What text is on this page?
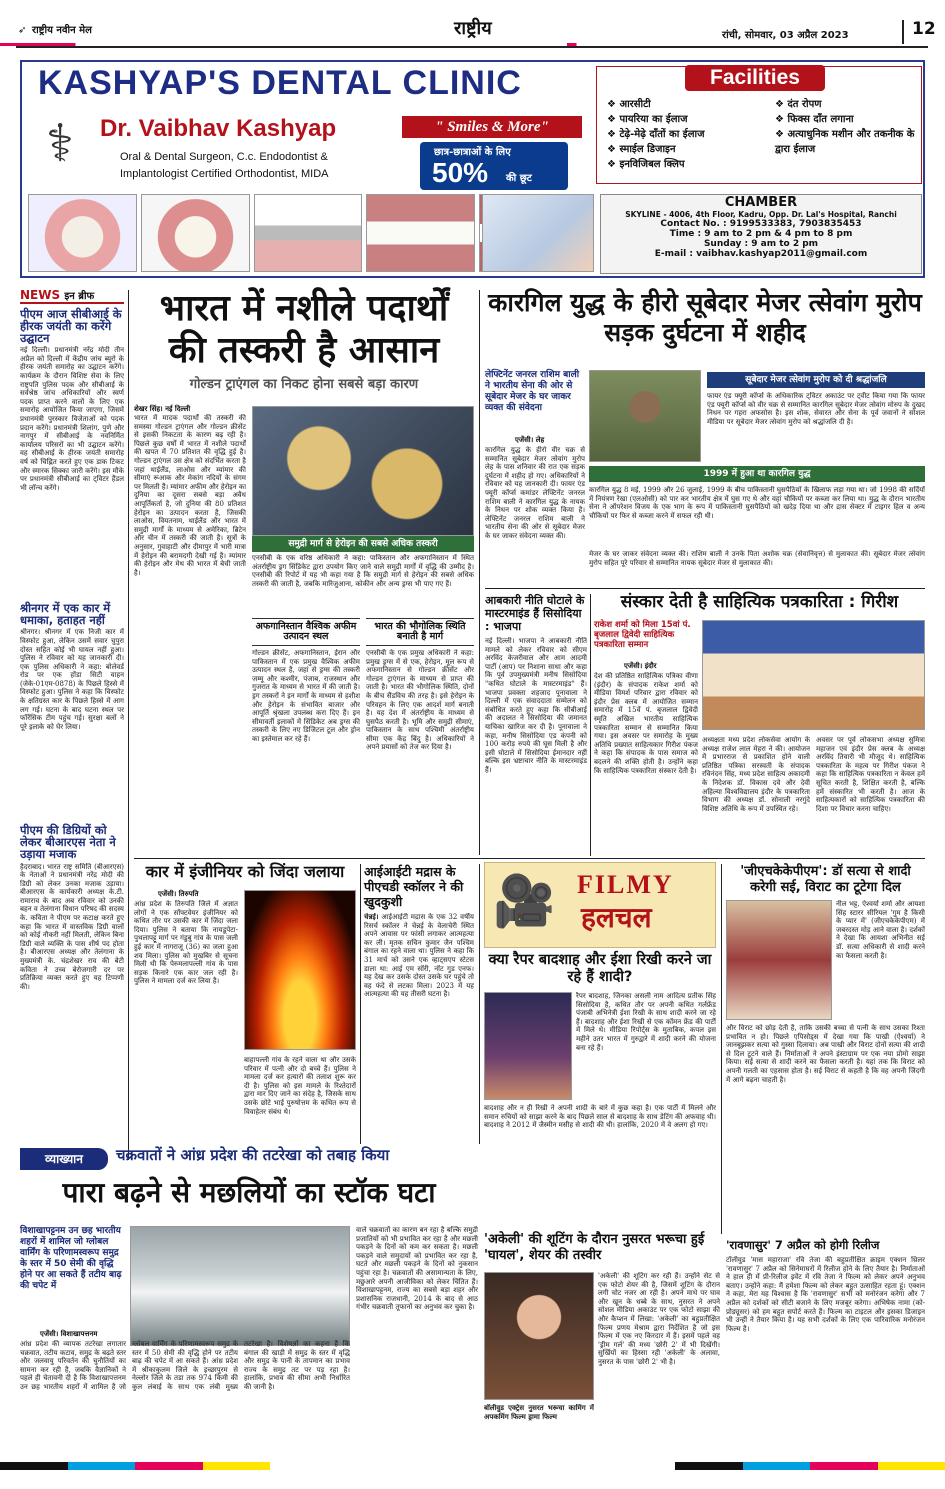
➶ राष्ट्रीय नवीन मेल	राष्ट्रीय	रांची, सोमवार, 03 अप्रैल 2023	12
KASHYAP'S DENTAL CLINIC
⚕	Dr. Vaibhav Kashyap	" Smiles & More"
Oral & Dental Surgeon, C.c. Endodontist &
Implantologist Certified Orthodontist, MIDA
छात्र-छात्राओं के लिए
50% की छूट
Facilities
❖ आरसीटी
❖ पायरिया का ईलाज
❖ टेढ़े-मेढ़े दाँतों का ईलाज
❖ स्माईल डिजाइन
❖ इनविजिबल क्लिप
❖ दंत रोपण
❖ फिक्स दाँत लगाना
❖ अत्याधुनिक मशीन और तकनीक के द्वारा ईलाज
CHAMBER
SKYLINE - 4006, 4th Floor, Kadru, Opp. Dr. Lal's Hospital, Ranchi
Contact No. : 9199533383, 7903835453
Time : 9 am to 2 pm & 4 pm to 8 pm
Sunday : 9 am to 2 pm
E-mail : vaibhav.kashyap2011@gmail.com
NEWS इन ब्रीफ
पीएम आज सीबीआई के हीरक जयंती का करेंगे उद्घाटन
नई दिल्ली। प्रधानमंत्री नरेंद्र मोदी तीन अप्रैल को दिल्ली में केंद्रीय जांच ब्यूरो के हीरक जयंती समारोह का उद्घाटन करेंगे। कार्यक्रम के दौरान विशिष्ट सेवा के लिए राष्ट्रपति पुलिस पदक और सीबीआई के सर्वश्रेष्ठ जांच अधिकारियों और स्वर्ण पदक प्राप्त करने वालों के लिए एक समारोह आयोजित किया जाएगा, जिसमें प्रधानमंत्री पुरस्कार विजेताओं को पदक प्रदान करेंगे। प्रधानमंत्री शिलांग, पुणे और नागपुर में सीबीआई के नवनिर्मित कार्यालय परिसरों का भी उद्घाटन करेंगे। वह सीबीआई के हीरक जयंती समारोह वर्ष को चिह्नित करते हुए एक डाक टिकट और स्मारक सिक्का जारी करेंगे। इस मौके पर प्रधानमंत्री सीबीआई का ट्विटर हैंडल भी लॉन्च करेंगे।
श्रीनगर में एक कार में धमाका, हताहत नहीं
श्रीनगर। श्रीनगर में एक निजी कार में विस्फोट हुआ, लेकिन उसमें सवार चुपुरा दोस्त सहित कोई भी घायल नहीं हुआ। पुलिस ने रविवार को यह जानकारी दी। एक पुलिस अधिकारी ने कहा: बोलेवर्ड रोड पर एक होंडा सिटी वाहन (जेके-01एम-0878) के पिछले हिस्से में विस्फोट हुआ। पुलिस ने कहा कि विस्फोट के क्षतिग्रस्त कार के पिछले हिस्से में आग लग गई। घटना के बाद घटना स्थल पर फॉरेंसिक टीम पहुंच गई। सुरक्षा बलों ने पूरे इलाके को घेर लिया।
पीएम की डिग्रियों को लेकर बीआरएस नेता ने उड़ाया मजाक
हैदराबाद। भारत राष्ट्र समिति (बीआरएस) के नेताओं ने प्रधानमंत्री नरेंद्र मोदी की डिग्री को लेकर उनका मजाक उड़ाया। बीआरएस के कार्यकारी अध्यक्ष के.टी. रामाराव के बाद अब रविवार को उनकी बहन व तेलंगाना विधान परिषद की सदस्य के. कविता ने पीएम पर कटाक्ष करते हुए कहा कि भारत में वास्तविक डिग्री वालों को कोई नौकरी नहीं मिलती, लेकिन बिना डिग्री वाले व्यक्ति के पास शीर्ष पद होता है। बीआरएस अध्यक्ष और तेलंगाना के मुख्यमंत्री के. चंद्रशेखर राव की बेटी कविता ने उच्च बेरोजगारी दर पर प्रतिक्रिया व्यक्त करते हुए यह टिप्पणी की।
भारत में नशीले पदार्थों की तस्करी है आसान
गोल्डन ट्राएंगल का निकट होना सबसे बड़ा कारण
शेखर सिंह। नई दिल्ली
भारत में मादक पदार्थों की तस्करी की समस्या गोल्डन ट्राएंगल और गोल्डन क्रीसेंट से इसकी निकटता के कारण बढ़ रही है। पिछले कुछ वर्षों में भारत में नशीले पदार्थों की खपत में 70 प्रतिशत की वृद्धि हुई है। गोल्डन ट्राएंगल उस क्षेत्र को संदर्भित करता है जहां थाईलैंड, लाओस और म्यांमार की सीमाएं रूआक और मेकांग नदियों के संगम पर मिलती हैं। म्यांमार अफीम और हेरोइन का दुनिया का दूसरा सबसे बड़ा अवैध आपूर्तिकर्ता है, जो दुनिया की 80 प्रतिशत हेरोइन का उत्पादन करता है, जिसकी लाओस, वियतनाम, थाईलैंड और भारत में समुद्री मार्गों के माध्यम से अमेरिका, ब्रिटेन और चीन में तस्करी की जाती है। सूत्रों के अनुसार, गुवाहाटी और दीमापुर में भारी मात्रा में हेरोइन की बरामदगी देखी गई है। म्यांमार की हेरोइन और मेथ की भारत में बेची जाती है।
समुद्री मार्ग से हेरोइन की सबसे अधिक तस्करी
एनसीबी के एक वरिष्ठ अधिकारी ने कहा: पाकिस्तान और अफगानिस्तान में स्थित अंतर्राष्ट्रीय ड्रग सिंडिकेट द्वारा उपयोग किए जाने वाले समुद्री मार्गों में वृद्धि की उम्मीद है। एनसीबी की रिपोर्ट में यह भी कहा गया है कि समुद्री मार्ग से हेरोइन की सबसे अधिक तस्करी की जाती है, जबकि मारिजुआना, कोकीन और अन्य ड्रग्स भी पाए गए हैं।
अफगानिस्तान वैश्विक अफीम उत्पादन स्थल
गोल्डन क्रीसेंट, अफगानिस्तान, ईरान और पाकिस्तान में एक प्रमुख वैश्विक अफीम उत्पादन स्थल है, जहां से ड्रग्स की तस्करी जम्मू और कश्मीर, पंजाब, राजस्थान और गुजरात के माध्यम से भारत में की जाती है। ड्रग तस्करों ने इन मार्गों के माध्यम से हशीश और हेरोइन के संभावित बाजार और आपूर्ति श्रृंखला उपलब्ध करा दिए हैं। इन सीमावर्ती इलाकों में सिंडिकेट अब ड्रग्स की तस्करी के लिए नए डिजिटल टूल और ड्रोन का इस्तेमाल कर रहे हैं।
भारत की भौगोलिक स्थिति बनाती है मार्ग
एनसीबी के एक प्रमुख अधिकारी ने कहा: प्रमुख ड्रग्स में से एक, हेरोइन, मूल रूप से अफगानिस्तान से गोल्डन क्रीसेंट और गोल्डन ट्राएंगल के माध्यम से प्राप्त की जाती है। भारत की भौगोलिक स्थिति, दोनों के बीच सैंडविच की तरह है। इसे हेरोइन के परिवहन के लिए एक आदर्श मार्ग बनाती है। यह देश में अंतर्राष्ट्रीय के माध्यम से घुसपैठ करती है। भूमि और समुद्री सीमाएं, पाकिस्तान के साथ पश्चिमी अंतर्राष्ट्रीय सीमा एक केंद्र बिंदु है। अधिकारियों ने अपने प्रयासों को तेज कर दिया है।
कारगिल युद्ध के हीरो सूबेदार मेजर त्सेवांग मुरोप सड़क दुर्घटना में शहीद
लेफ्टिनेंट जनरल राशिम बाली ने भारतीय सेना की ओर से सूबेदार मेजर के घर जाकर व्यक्त की संवेदना
एजेंसी। लेह
कारगिल युद्ध के हीरो वीर चक्र से सम्मानित सूबेदार मेजर त्सेवांग मुरोप लेह के पास शनिवार की रात एक सड़क दुर्घटना में शहीद हो गए। अधिकारियों ने रविवार को यह जानकारी दी। फायर एंड फ्यूरी कॉर्प्स कमांडर लेफ्टिनेंट जनरल राशिम बाली ने कारगिल युद्ध के नायक के निधन पर शोक व्यक्त किया है। लेफ्टिनेंट जनरल राशिम बाली ने भारतीय सेना की ओर से सूबेदार मेजर के घर जाकर संवेदना व्यक्त की।
सूबेदार मेजर त्सेवांग मुरोप को दी श्रद्धांजलि
फायर एंड फ्यूरी कॉर्प्स के अधिकारिक ट्विटर अकाउंट पर ट्वीट किया गया कि फायर एंड फ्यूरी कॉर्प्स को वीर चक्र से सम्मानित कारगिल सूबेदार मेजर त्सेवांग मोरुप के दुखद निधन पर गहरा अफसोस है। इस शोक, सेवारत और सेना के पूर्व जवानों ने सोशल मीडिया पर सूबेदार मेजर त्सेवांग मुरोप को श्रद्धांजलि दी है।
1999 में हुआ था कारगिल युद्ध
कारगिल युद्ध 8 मई, 1999 और 26 जुलाई, 1999 के बीच पाकिस्तानी घुसपैठियों के खिलाफ लड़ा गया था। जो 1998 की सर्दियों में नियंत्रण रेखा (एलओसी) को पार कर भारतीय क्षेत्र में घुस गए थे और वहां चौकियों पर कब्जा कर लिया था। युद्ध के दौरान भारतीय सेना ने ऑपरेशन विजय के एक भाग के रूप में पाकिस्तानी घुसपैठियों को खदेड़ दिया था और द्रास सेक्टर में टाइगर हिल व अन्य चौकियों पर फिर से कब्जा करने में सफल रही थी।
मेजर के घर जाकर संवेदना व्यक्त की। राशिम बाली ने उनके पिता अशोक चक्र (सेवानिवृत्त) से मुलाकात की। सूबेदार मेजर त्सेवांग मुरोप सहित पूरे परिवार से सम्मानित नायक सूबेदार मेजर से मुलाकात की।
आबकारी नीति घोटाले के मास्टरमाइंड हैं सिसोदिया : भाजपा
नई दिल्ली। भाजपा ने आबकारी नीति मामले को लेकर रविवार को सीएम अरविंद केजरीवाल और आम आदमी पार्टी (आप) पर निशाना साधा और कहा कि पूर्व उपमुख्यमंत्री मनीष सिसोदिया "कथित घोटाले के मास्टरमाइंड" हैं। भाजपा प्रवक्ता शहजाद पूनावाला ने दिल्ली में एक संवाददाता सम्मेलन को संबोधित करते हुए कहा कि सीबीआई की अदालत ने सिसोदिया की जमानत याचिका खारिज कर दी है। पूनावाला ने कहा, मनीष सिसोदिया एड कंपनी को 100 करोड़ रुपये की घूस मिली है और इसी घोटाले में सिसोदिया ईमानदार नहीं बल्कि इस भ्रष्टाचार नीति के मास्टरमाइंड हैं।
संस्कार देती है साहित्यिक पत्रकारिता : गिरीश
राकेश शर्मा को मिला 15वां पं. बृजलाल द्विवेदी साहित्यिक पत्रकारिता सम्मान
एजेंसी। इंदौर
देश की प्रतिष्ठित साहित्यिक पत्रिका वीणा (इंदौर) के संपादक राकेश शर्मा को मीडिया विमर्श परिवार द्वारा रविवार को इंदौर प्रेस क्लब में आयोजित सम्मान समारोह में 15वें पं. बृजलाल द्विवेदी स्मृति अखिल भारतीय साहित्यिक पत्रकारिता सम्मान से सम्मानित किया गया। इस अवसर पर समारोह के मुख्य अतिथि प्रख्यात साहित्यकार गिरीश पंकज ने कहा कि संपादक के पास समाज को बदलने की शक्ति होती है। उन्होंने कहा कि साहित्यिक पत्रकारिता संस्कार देती है।
अध्यक्षता मध्य प्रदेश लोकसेवा आयोग के अध्यक्ष राजेश लाल मेहरा ने की। आयोजन में प्रभारराज से प्रकाशित होने वाली प्रतिष्ठित पत्रिका सरस्वती के संपादक रविनंदन सिंह, मध्य प्रदेश साहित्य अकादमी के निदेशक डॉ. विकास दवे और देवी अहिल्या विश्वविद्यालय इंदौर के पत्रकारिता विभाग की अध्यक्ष डॉ. सोनाली नरगुंदे विशिष्ट अतिथि के रूप में उपस्थित रहे।
अवसर पर पूर्व लोकसभा अध्यक्ष सुमित्रा महाजन एवं इंदौर प्रेस क्लब के अध्यक्ष अरविंद तिवारी भी मौजूद थे। साहित्यिक पत्रकारिता के महत्व पर गिरीश पंकज ने कहा कि साहित्यिक पत्रकारिता न केवल हमें सूचित करती है, शिक्षित करती है, बल्कि हमें संस्कारित भी करती है। आज के साहित्यकारों को साहित्यिक पत्रकारिता की दिशा पर विचार करना चाहिए।
कार में इंजीनियर को जिंदा जलाया
एजेंसी। तिरुपति
आंध्र प्रदेश के तिरुपति जिले में अज्ञात लोगों ने एक सॉफ्टवेयर इंजीनियर को कथित तौर पर उसकी कार में जिंदा जला दिया। पुलिस ने बताया कि नायडूपेटा-पुथलापट्टू मार्ग पर गंडुबु गांव के पास जली हुई कार में नागराजू (36) का जला हुआ शव मिला। पुलिस को मुखबिर से सूचना मिली थी कि पेरुमलापल्ली गांव के पास सड़क किनारे एक कार जल रही है। पुलिस ने मामला दर्ज कर लिया है।
बाहापल्ली गांव के रहने वाला था और उसके परिवार में पत्नी और दो बच्चे हैं। पुलिस ने मामला दर्ज कर हत्यारों की तलाश शुरू कर दी है। पुलिस को इस मामले के रिश्तेदारों द्वारा मार दिए जाने का संदेह है, जिसके साथ उसके छोटे भाई पुरुषोत्तम के कथित रूप से विवाहेतर संबंध थे।
आईआईटी मद्रास के पीएचडी स्कॉलर ने की खुदकुशी
चेन्नई। आईआईटी मद्रास के एक 32 वर्षीय रिसर्च स्कॉलर ने चेन्नई के वेलाचेरी स्थित अपने आवास पर फांसी लगाकर आत्महत्या कर ली। मृतक सचिन कुमार जैन पश्चिम बंगाल का रहने वाला था। पुलिस ने कहा कि 31 मार्च को उसने एक व्हाट्सएप स्टेटस डाला था: आई एम सॉरी, नॉट गुड एनफ। यह देख कर उसके दोस्त उसके घर पहुंचे तो वह फंदे से लटका मिला। 2023 में यह आत्महत्या की यह तीसरी घटना है।
🎥 FILMY
हलचल
क्या रैपर बादशाह और ईशा रिखी करने जा रहे हैं शादी?
रैपर बादशाह, जिनका असली नाम आदित्य प्रतीक सिंह सिसोदिया है, कथित तौर पर अपनी कथित गर्लफ्रेंड पंजाबी अभिनेत्री ईशा रिखी के साथ शादी करने जा रहे हैं। बादशाह और ईशा रिखी से एक कॉमन फ्रेंड की पार्टी में मिले थे। मीडिया रिपोर्ट्स के मुताबिक, कपल इस महीने उतर भारत में गुरुद्वारे में शादी करने की योजना बना रहे हैं।
बादशाह और न ही रिखी ने अपनी शादी के बारे में कुछ कहा है। एक पार्टी में मिलने और समान रुचियों को साझा करने के बाद पिछले साल से बादशाह के साथ डेटिंग की अफवाह थी। बादशाह ने 2012 में जैस्मीन मसीह से शादी की थी। हालांकि, 2020 में वे अलग हो गए।
'जीएचकेकेपीएम': डॉ सत्या से शादी करेगी सई, विराट का टूटेगा दिल
नील भट्ट, ऐश्वर्या शर्मा और आयशा सिंह स्टारर सीरियल 'गुम है किसी के प्यार में' (जीएचकेकेपीएम) में जबरदस्त मोड़ आने वाला है। दर्शकों ने देखा कि आयशा अभिनीत सई डॉ. सत्या अधिकारी से शादी करने का फैसला करती है।
और विराट को छोड़ देती है, ताकि उसकी बच्चा से पत्नी के साथ उसका रिश्ता प्रभावित न हो। पिछले एपिसोड्स में देखा गया कि पाखी (ऐश्वर्या) ने जानबूझकर सत्या को गुस्सा दिलाया। अब पाखी और विराट दोनों सत्या की शादी से दिल टूटने वाले हैं। निर्माताओं ने अपने इंस्टाग्राम पर एक नया प्रोमो साझा किया। सई सत्या से शादी करने का फैसला करती है। यहां तक कि विराट को अपनी गलती का एहसास होता है। सई विराट से कहती है कि वह अपनी जिंदगी में आगे बढ़ना चाहती है।
व्याख्यान	चक्रवातों ने आंध्र प्रदेश की तटरेखा को तबाह किया
पारा बढ़ने से मछलियों का स्टॉक घटा
विशाखापट्टनम उन छह भारतीय शहरों में शामिल जो ग्लोबल वार्मिंग के परिणामस्वरूप समुद्र के स्तर में 50 सेमी की वृद्धि होने पर आ सकते हैं तटीय बाढ़ की चपेट में
एजेंसी। विशाखापत्तनम
आंध्र प्रदेश की व्यापक तटरेखा लगातार चक्रवात, तटीय कटाव, समुद्र के बढ़ते स्तर और जलवायु परिवर्तन की चुनौतियों का सामना कर रही है, जबकि वैज्ञानिकों ने पहले ही चेतावनी दी है कि विशाखापत्तनम उन छह भारतीय शहरों में शामिल है जो ग्लोबल वार्मिंग के परिणामस्वरूप समुद्र के स्तर में 50 सेमी की वृद्धि होने पर तटीय बाढ़ की चपेट में आ सकते हैं। आंध्र प्रदेश में श्रीकाकुलम जिले के इच्छापुरम से नेल्लोर जिले के तडा तक 974 किमी की कुल लंबाई के साथ एक लंबी मुख्य तटरेखा है। विशेषज्ञों का कहना है कि बंगाल की खाड़ी में समुद्र के स्तर में वृद्धि और समुद्र के पानी के तापमान का प्रभाव राज्य के समुद्र तट पर पड़ रहा है। हालांकि, प्रभाव की सीमा अभी निर्धारित की जानी है।
वाले चक्रवातों का कारण बन रहा है बल्कि समुद्री प्रजातियों को भी प्रभावित कर रहा है और मछली पकड़ने के दिनों को कम कर सकता है। मछली पकड़ने वाले समुदायों को प्रभावित कर रहा है, घटते और मछली पकड़ने के दिनों को नुकसान पहुंचा रहा है। चक्रवातों की असामान्यता के लिए, मछुआरे अपनी आजीविका को लेकर चिंतित हैं। विशाखापट्टनम, राज्य का सबसे बड़ा शहर और प्रशासनिक राजधानी, 2014 के बाद से आठ गंभीर चक्रवाती तूफानों का अनुभव कर चुका है।
'अकेली' की शूटिंग के दौरान नुसरत भरूचा हुई 'घायल', शेयर की तस्वीर
बॉलीवुड एक्ट्रेस नुसरत भरूचा कामिंग में अपकमिंग फिल्म ड्रामा फिल्म
'अकेली' की शूटिंग कर रही हैं। उन्होंने सेट से एक फोटो शेयर की है, जिसमें शूटिंग के दौरान लगी चोट नजर आ रही है। अपने माथे पर घाव और खून के धब्बे के साथ, नुसरत ने अपने सोशल मीडिया अकाउंट पर एक फोटो साझा की और कैप्शन में लिखा: 'अकेली' का बहुप्रतीक्षित फिल्म प्रणय मेश्राम द्वारा निर्देशित है जो इस फिल्म में एक नए किरदार में हैं। इसमें पहले वह 'ड्रीम गर्ल' की मध्य 'छोरी 2' में भी दिखेंगी। सुर्खियों का हिस्सा रही 'अकेली' के अलावा, नुसरत के पास 'छोरी 2' भी है।
'रावणासुर' 7 अप्रैल को होगी रिलीज
टॉलीवुड 'मास महाराजा' रवि तेजा की बहुप्रतीक्षित क्राइम एक्शन थ्रिलर 'रावणासुर' 7 अप्रैल को सिनेमाघरों में रिलीज होने के लिए तैयार है। निर्माताओं ने हाल ही में प्री-रिलीज इवेंट में रवि तेजा ने फिल्म को लेकर अपने अनुभव बताए। उन्होंने कहा: मैं हमेशा फिल्म को लेकर बहुत उत्साहित रहता हूं। एक्शन ने कहा, मेरा यह विश्वास है कि 'रावणासुर' सभी को मनोरंजन करेगा और 7 अप्रैल को दर्शकों को सीटी बजाने के लिए मजबूर करेगा। अभिषेक नामा (को-प्रोड्यूसर) को हम बहुत सपोर्ट करते हैं। फिल्म का टाइटल और इसका डिजाइन भी उन्हीं ने तैयार किया है। यह सभी दर्शकों के लिए एक पारिवारिक मनोरंजन फिल्म है।
